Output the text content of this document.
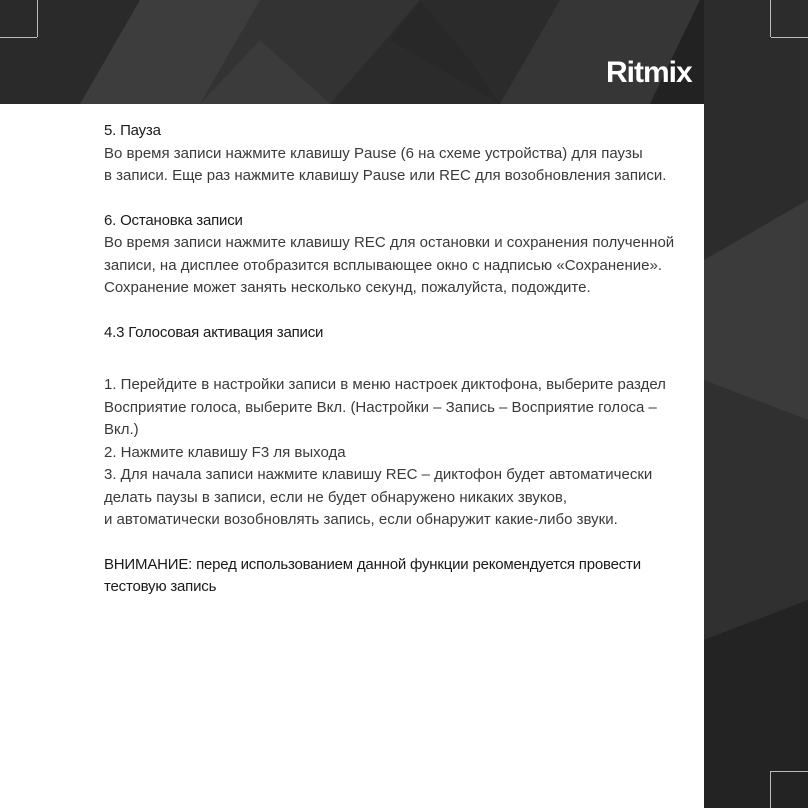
Ritmix

5. Пауза

Во время записи нажмите клавишу Pause (6 на схеме устройства) для паузы

в записи. Еще раз нажмите клавишу Pause или REC для возобновления записи.

6. Остановка записи

Во время записи нажмите клавишу REC для остановки и сохранения полученной

записи, на дисплее отобразится всплывающее окно с надписью «Сохранение».

Сохранение может занять несколько секунд, пожалуйста, подождите.

4.3 Голосовая активация записи

1. Перейдите в настройки записи в меню настроек диктофона, выберите раздел

Восприятие голоса, выберите Вкл. (Настройки – Запись – Восприятие голоса –

Вкл.)

2. Нажмите клавишу F3 ля выхода

3. Для начала записи нажмите клавишу REC – диктофон будет автоматически

делать паузы в записи, если не будет обнаружено никаких звуков,

и автоматически возобновлять запись, если обнаружит какие-либо звуки.

ВНИМАНИЕ: перед использованием данной функции рекомендуется провести

тестовую запись
